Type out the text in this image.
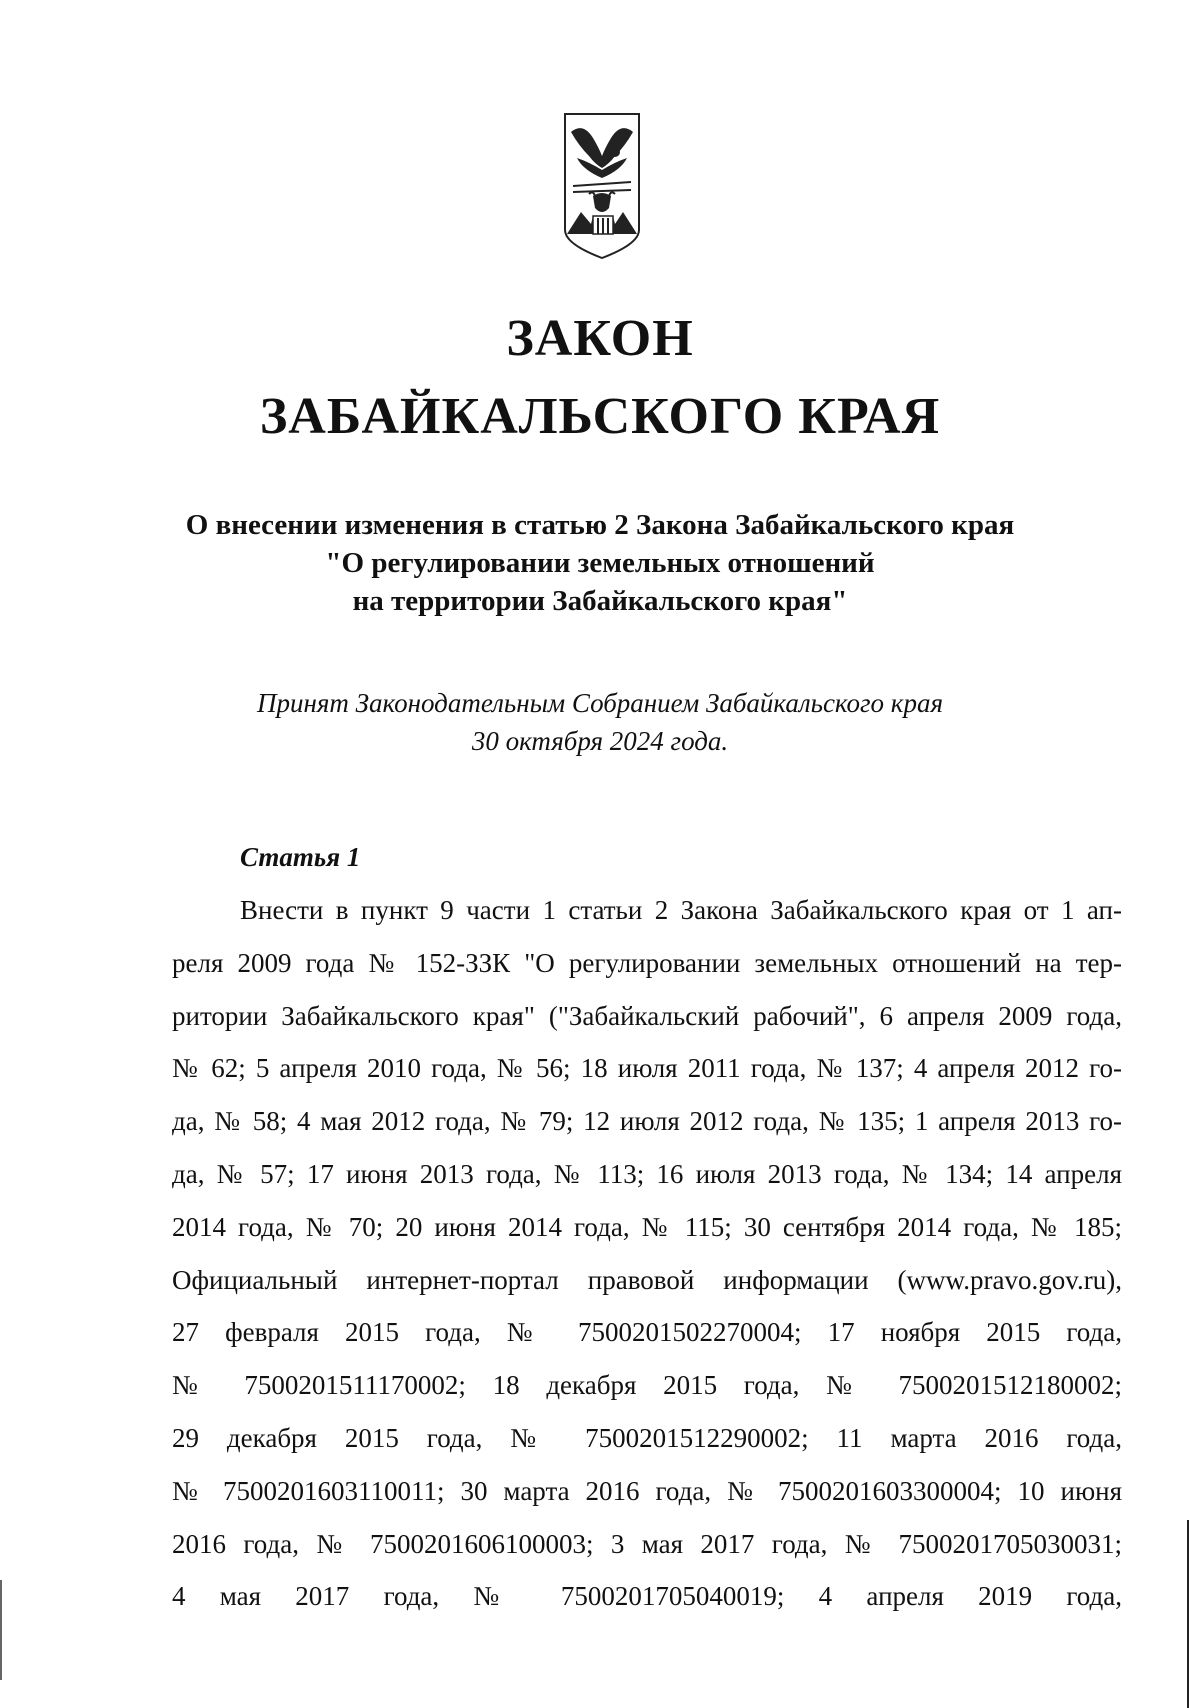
ЗАКОН
ЗАБАЙКАЛЬСКОГО КРАЯ
О внесении изменения в статью 2 Закона Забайкальского края
"О регулировании земельных отношений
на территории Забайкальского края"
Принят Законодательным Собранием Забайкальского края
30 октября 2024 года.
Статья 1
Внести в пункт 9 части 1 статьи 2 Закона Забайкальского края от 1 ап-
реля 2009 года № 152-ЗЗК "О регулировании земельных отношений на тер-
ритории Забайкальского края" ("Забайкальский рабочий", 6 апреля 2009 года,
№ 62; 5 апреля 2010 года, № 56; 18 июля 2011 года, № 137; 4 апреля 2012 го-
да, № 58; 4 мая 2012 года, № 79; 12 июля 2012 года, № 135; 1 апреля 2013 го-
да, № 57; 17 июня 2013 года, № 113; 16 июля 2013 года, № 134; 14 апреля
2014 года, № 70; 20 июня 2014 года, № 115; 30 сентября 2014 года, № 185;
Официальный интернет-портал правовой информации (www.pravo.gov.ru),
27 февраля 2015 года, № 7500201502270004; 17 ноября 2015 года,
№ 7500201511170002; 18 декабря 2015 года, № 7500201512180002;
29 декабря 2015 года, № 7500201512290002; 11 марта 2016 года,
№ 7500201603110011; 30 марта 2016 года, № 7500201603300004; 10 июня
2016 года, № 7500201606100003; 3 мая 2017 года, № 7500201705030031;
4 мая 2017 года, № 7500201705040019; 4 апреля 2019 года,
